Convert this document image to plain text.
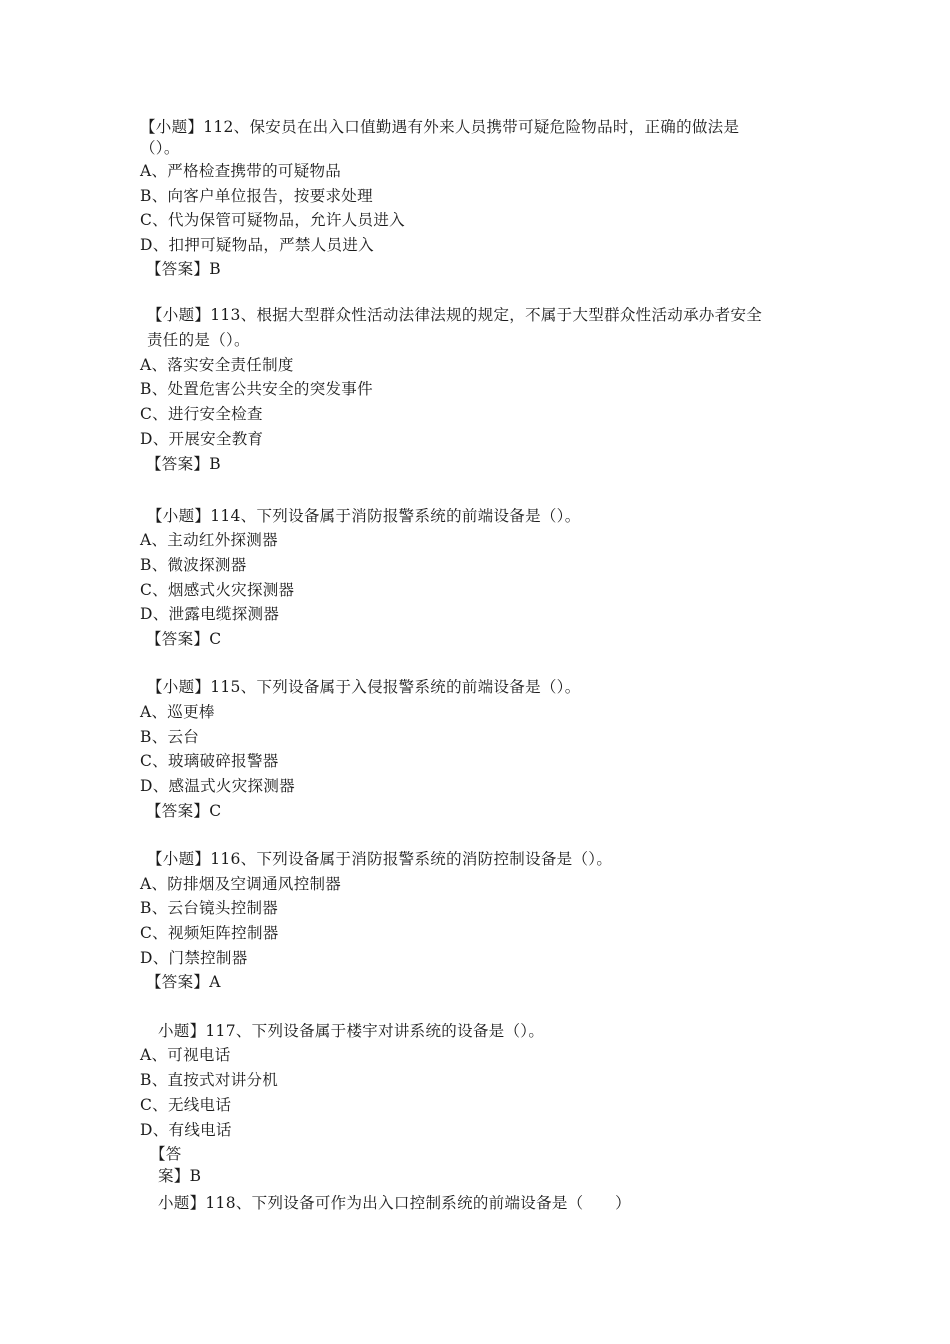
【小题】112、保安员在出入口值勤遇有外来人员携带可疑危险物品时，正确的做法是
（）。
A、严格检查携带的可疑物品
B、向客户单位报告，按要求处理
C、代为保管可疑物品，允许人员进入
D、扣押可疑物品，严禁人员进入
【答案】B
【小题】113、根据大型群众性活动法律法规的规定，不属于大型群众性活动承办者安全
责任的是（）。
A、落实安全责任制度
B、处置危害公共安全的突发事件
C、进行安全检查
D、开展安全教育
【答案】B
【小题】114、下列设备属于消防报警系统的前端设备是（）。
A、主动红外探测器
B、微波探测器
C、烟感式火灾探测器
D、泄露电缆探测器
【答案】C
【小题】115、下列设备属于入侵报警系统的前端设备是（）。
A、巡更棒
B、云台
C、玻璃破碎报警器
D、感温式火灾探测器
【答案】C
【小题】116、下列设备属于消防报警系统的消防控制设备是（）。
A、防排烟及空调通风控制器
B、云台镜头控制器
C、视频矩阵控制器
D、门禁控制器
【答案】A
小题】117、下列设备属于楼宇对讲系统的设备是（）。
A、可视电话
B、直按式对讲分机
C、无线电话
D、有线电话
【答
案】B
小题】118、下列设备可作为出入口控制系统的前端设备是（　　）
